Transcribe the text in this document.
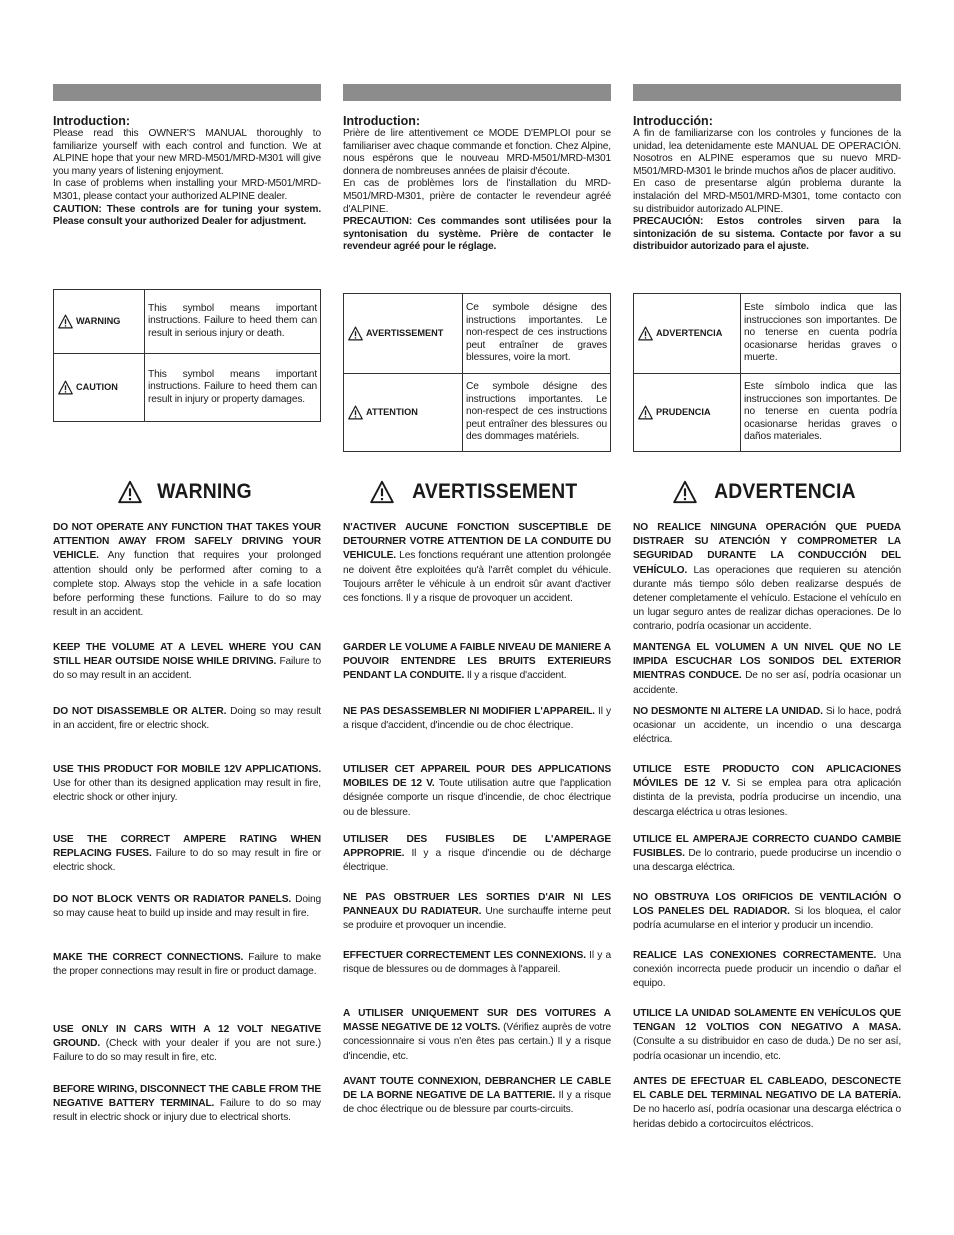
Introduction:

Please read this OWNER'S MANUAL thoroughly to familiarize yourself with each control and function. We at ALPINE hope that your new MRD-M501/MRD-M301 will give you many years of listening enjoyment.

In case of problems when installing your MRD-M501/MRD-M301, please contact your authorized ALPINE dealer.

CAUTION: These controls are for tuning your system. Please consult your authorized Dealer for adjustment.

WARNING	This symbol means important instructions. Failure to heed them can result in serious injury or death.
CAUTION	This symbol means important instructions. Failure to heed them can result in injury or property damages.
WARNING
DO NOT OPERATE ANY FUNCTION THAT TAKES YOUR ATTENTION AWAY FROM SAFELY DRIVING YOUR VEHICLE. Any function that requires your prolonged attention should only be performed after coming to a complete stop. Always stop the vehicle in a safe location before performing these functions. Failure to do so may result in an accident.
KEEP THE VOLUME AT A LEVEL WHERE YOU CAN STILL HEAR OUTSIDE NOISE WHILE DRIVING. Failure to do so may result in an accident.
DO NOT DISASSEMBLE OR ALTER. Doing so may result in an accident, fire or electric shock.
USE THIS PRODUCT FOR MOBILE 12V APPLICATIONS. Use for other than its designed application may result in fire, electric shock or other injury.
USE THE CORRECT AMPERE RATING WHEN REPLACING FUSES. Failure to do so may result in fire or electric shock.
DO NOT BLOCK VENTS OR RADIATOR PANELS. Doing so may cause heat to build up inside and may result in fire.
MAKE THE CORRECT CONNECTIONS. Failure to make the proper connections may result in fire or product damage.
USE ONLY IN CARS WITH A 12 VOLT NEGATIVE GROUND. (Check with your dealer if you are not sure.) Failure to do so may result in fire, etc.
BEFORE WIRING, DISCONNECT THE CABLE FROM THE NEGATIVE BATTERY TERMINAL. Failure to do so may result in electric shock or injury due to electrical shorts.
Introduction:

Prière de lire attentivement ce MODE D'EMPLOI pour se familiariser avec chaque commande et fonction. Chez Alpine, nous espérons que le nouveau MRD-M501/MRD-M301 donnera de nombreuses années de plaisir d'écoute.

En cas de problèmes lors de l'installation du MRD-M501/MRD-M301, prière de contacter le revendeur agréé d'ALPINE.

PRECAUTION: Ces commandes sont utilisées pour la syntonisation du système. Prière de contacter le revendeur agréé pour le réglage.

AVERTISSEMENT	Ce symbole désigne des instructions importantes. Le non-respect de ces instructions peut entraîner de graves blessures, voire la mort.
ATTENTION	Ce symbole désigne des instructions importantes. Le non-respect de ces instructions peut entraîner des blessures ou des dommages matériels.
AVERTISSEMENT
N'ACTIVER AUCUNE FONCTION SUSCEPTIBLE DE DETOURNER VOTRE ATTENTION DE LA CONDUITE DU VEHICULE. Les fonctions requérant une attention prolongée ne doivent être exploitées qu'à l'arrêt complet du véhicule. Toujours arrêter le véhicule à un endroit sûr avant d'activer ces fonctions. Il y a risque de provoquer un accident.
GARDER LE VOLUME A FAIBLE NIVEAU DE MANIERE A POUVOIR ENTENDRE LES BRUITS EXTERIEURS PENDANT LA CONDUITE. Il y a risque d'accident.
NE PAS DESASSEMBLER NI MODIFIER L'APPAREIL. Il y a risque d'accident, d'incendie ou de choc électrique.
UTILISER CET APPAREIL POUR DES APPLICATIONS MOBILES DE 12 V. Toute utilisation autre que l'application désignée comporte un risque d'incendie, de choc électrique ou de blessure.
UTILISER DES FUSIBLES DE L'AMPERAGE APPROPRIE. Il y a risque d'incendie ou de décharge électrique.
NE PAS OBSTRUER LES SORTIES D'AIR NI LES PANNEAUX DU RADIATEUR. Une surchauffe interne peut se produire et provoquer un incendie.
EFFECTUER CORRECTEMENT LES CONNEXIONS. Il y a risque de blessures ou de dommages à l'appareil.
A UTILISER UNIQUEMENT SUR DES VOITURES A MASSE NEGATIVE DE 12 VOLTS. (Vérifiez auprès de votre concessionnaire si vous n'en êtes pas certain.) Il y a risque d'incendie, etc.
AVANT TOUTE CONNEXION, DEBRANCHER LE CABLE DE LA BORNE NEGATIVE DE LA BATTERIE. Il y a risque de choc électrique ou de blessure par courts-circuits.
Introducción:

A fin de familiarizarse con los controles y funciones de la unidad, lea detenidamente este MANUAL DE OPERACIÓN. Nosotros en ALPINE esperamos que su nuevo MRD-M501/MRD-M301 le brinde muchos años de placer auditivo.

En caso de presentarse algún problema durante la instalación del MRD-M501/MRD-M301, tome contacto con su distribuidor autorizado ALPINE.

PRECAUCIÓN: Estos controles sirven para la sintonización de su sistema. Contacte por favor a su distribuidor autorizado para el ajuste.

ADVERTENCIA	Este símbolo indica que las instrucciones son importantes. De no tenerse en cuenta podría ocasionarse heridas graves o muerte.
PRUDENCIA	Este símbolo indica que las instrucciones son importantes. De no tenerse en cuenta podría ocasionarse heridas graves o daños materiales.
ADVERTENCIA
NO REALICE NINGUNA OPERACIÓN QUE PUEDA DISTRAER SU ATENCIÓN Y COMPROMETER LA SEGURIDAD DURANTE LA CONDUCCIÓN DEL VEHÍCULO. Las operaciones que requieren su atención durante más tiempo sólo deben realizarse después de detener completamente el vehículo. Estacione el vehículo en un lugar seguro antes de realizar dichas operaciones. De lo contrario, podría ocasionar un accidente.
MANTENGA EL VOLUMEN A UN NIVEL QUE NO LE IMPIDA ESCUCHAR LOS SONIDOS DEL EXTERIOR MIENTRAS CONDUCE. De no ser así, podría ocasionar un accidente.
NO DESMONTE NI ALTERE LA UNIDAD. Si lo hace, podrá ocasionar un accidente, un incendio o una descarga eléctrica.
UTILICE ESTE PRODUCTO CON APLICACIONES MÓVILES DE 12 V. Si se emplea para otra aplicación distinta de la prevista, podría producirse un incendio, una descarga eléctrica u otras lesiones.
UTILICE EL AMPERAJE CORRECTO CUANDO CAMBIE FUSIBLES. De lo contrario, puede producirse un incendio o una descarga eléctrica.
NO OBSTRUYA LOS ORIFICIOS DE VENTILACIÓN O LOS PANELES DEL RADIADOR. Si los bloquea, el calor podría acumularse en el interior y producir un incendio.
REALICE LAS CONEXIONES CORRECTAMENTE. Una conexión incorrecta puede producir un incendio o dañar el equipo.
UTILICE LA UNIDAD SOLAMENTE EN VEHÍCULOS QUE TENGAN 12 VOLTIOS CON NEGATIVO A MASA. (Consulte a su distribuidor en caso de duda.) De no ser así, podría ocasionar un incendio, etc.
ANTES DE EFECTUAR EL CABLEADO, DESCONECTE EL CABLE DEL TERMINAL NEGATIVO DE LA BATERÍA. De no hacerlo así, podría ocasionar una descarga eléctrica o heridas debido a cortocircuitos eléctricos.
